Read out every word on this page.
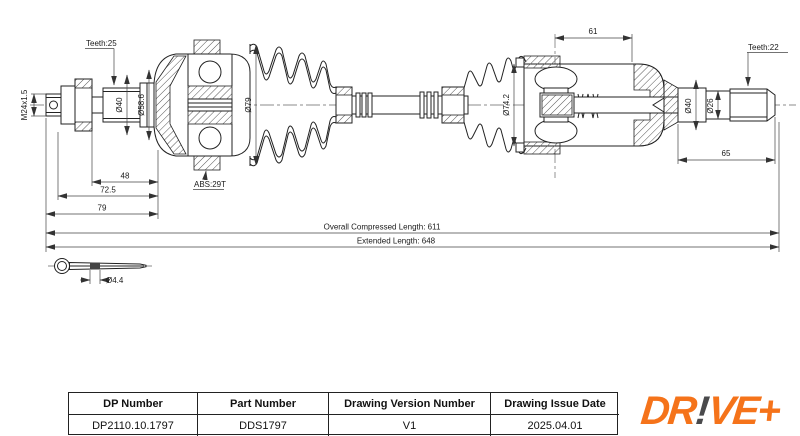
Teeth:25
M24x1.5	Ø40 Ø58.6	Ø79	Ø74.2
61
Teeth:22
Ø40 Ø26
65
ABS:29T
48
72.5
79
Overall Compressed Length: 611
Extended Length: 648
Ø4.4
DP Number	Part Number	Drawing Version Number	Drawing Issue Date
DP2110.10.1797	DDS1797	V1	2025.04.01	DR
!
VE+
